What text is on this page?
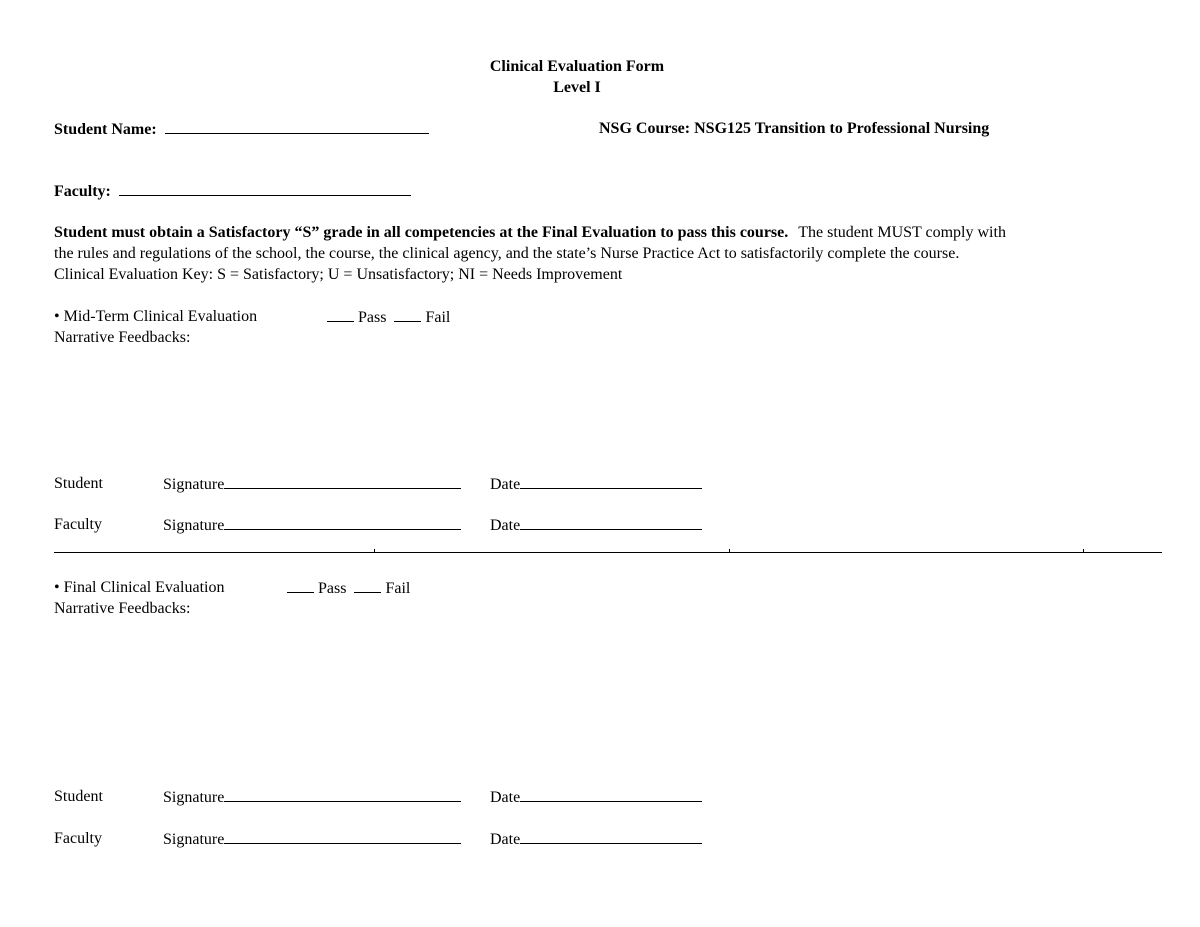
Clinical Evaluation Form
Level I
Student Name:	NSG Course: NSG125 Transition to Professional Nursing
Faculty:
Student must obtain a Satisfactory “S” grade in all competencies at the Final Evaluation to pass this course. The student MUST comply with
the rules and regulations of the school, the course, the clinical agency, and the state’s Nurse Practice Act to satisfactorily complete the course.
Clinical Evaluation Key: S = Satisfactory; U = Unsatisfactory; NI = Needs Improvement
• Mid-Term Clinical Evaluation	Pass Fail
Narrative Feedbacks:
Student	Signature	Date
Faculty	Signature	Date
• Final Clinical Evaluation	Pass Fail
Narrative Feedbacks:
Student	Signature	Date
Faculty	Signature	Date
